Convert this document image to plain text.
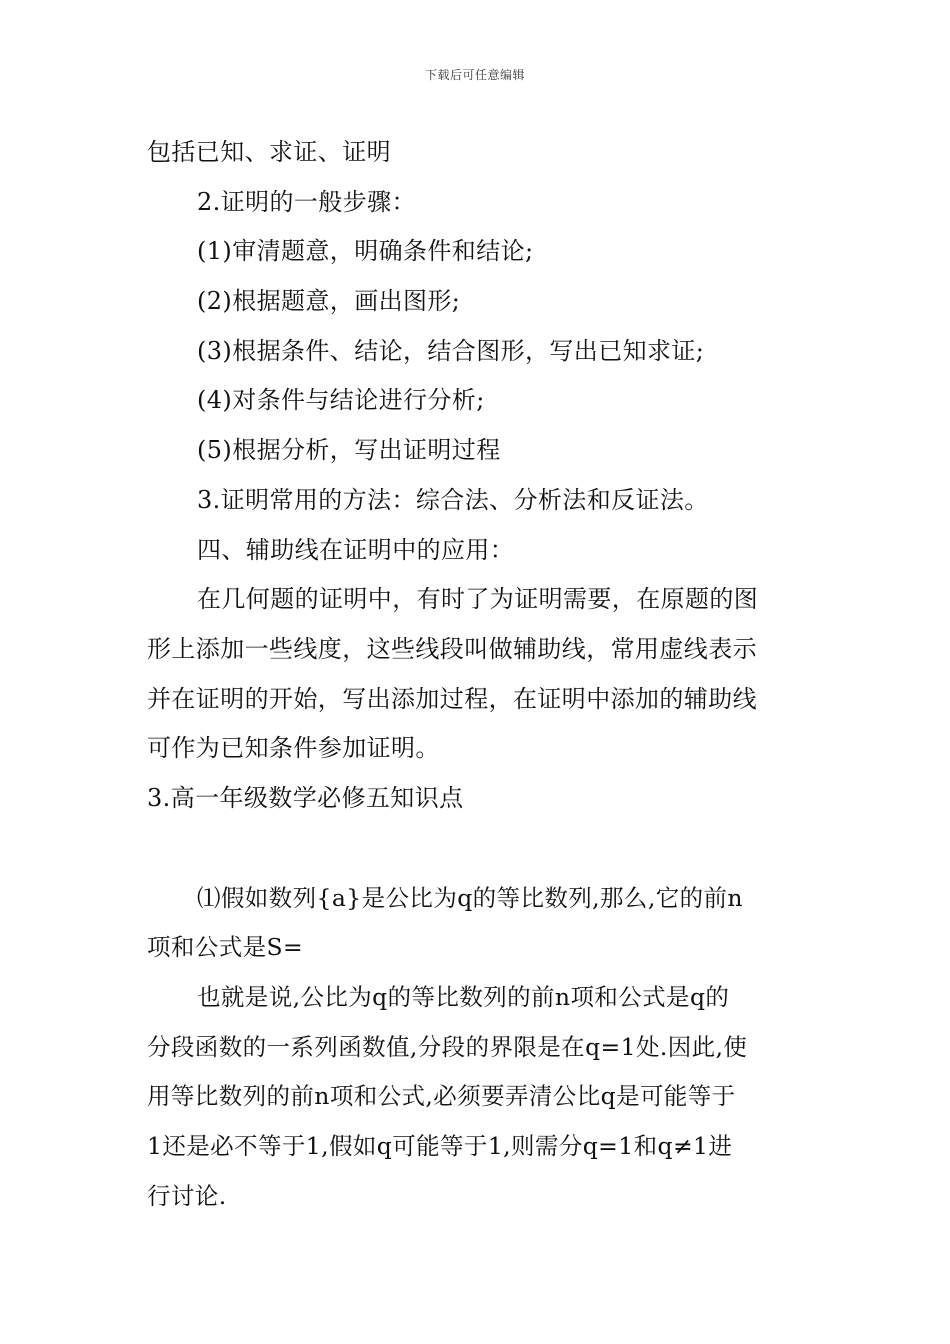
下载后可任意编辑
包括已知、求证、证明
2.证明的一般步骤：
(1)审清题意，明确条件和结论;
(2)根据题意，画出图形;
(3)根据条件、结论，结合图形，写出已知求证;
(4)对条件与结论进行分析;
(5)根据分析，写出证明过程
3.证明常用的方法：综合法、分析法和反证法。
四、辅助线在证明中的应用：
在几何题的证明中，有时了为证明需要，在原题的图
形上添加一些线度，这些线段叫做辅助线，常用虚线表示
并在证明的开始，写出添加过程，在证明中添加的辅助线
可作为已知条件参加证明。
3.高一年级数学必修五知识点
⑴假如数列{a}是公比为q的等比数列,那么,它的前n
项和公式是S=
也就是说,公比为q的等比数列的前n项和公式是q的
分段函数的一系列函数值,分段的界限是在q=1处.因此,使
用等比数列的前n项和公式,必须要弄清公比q是可能等于
1还是必不等于1,假如q可能等于1,则需分q=1和q≠1进
行讨论.
